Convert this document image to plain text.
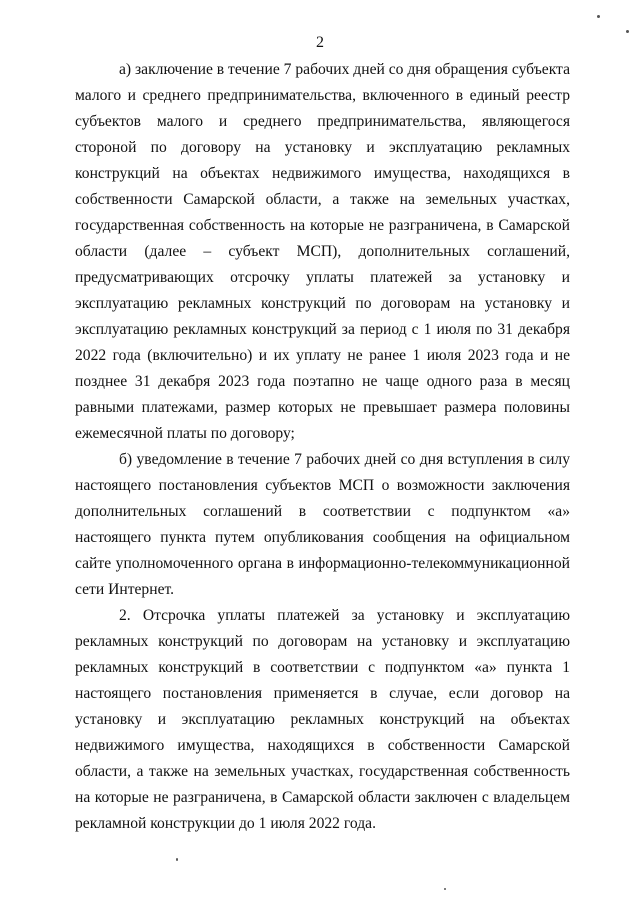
2

а) заключение в течение 7 рабочих дней со дня обращения субъекта малого и среднего предпринимательства, включенного в единый реестр субъектов малого и среднего предпринимательства, являющегося стороной по договору на установку и эксплуатацию рекламных конструкций на объектах недвижимого имущества, находящихся в собственности Самарской области, а также на земельных участках, государственная собственность на которые не разграничена, в Самарской области (далее – субъект МСП), дополнительных соглашений, предусматривающих отсрочку уплаты платежей за установку и эксплуатацию рекламных конструкций по договорам на установку и эксплуатацию рекламных конструкций за период с 1 июля по 31 декабря 2022 года (включительно) и их уплату не ранее 1 июля 2023 года и не позднее 31 декабря 2023 года поэтапно не чаще одного раза в месяц равными платежами, размер которых не превышает размера половины ежемесячной платы по договору;

б) уведомление в течение 7 рабочих дней со дня вступления в силу настоящего постановления субъектов МСП о возможности заключения дополнительных соглашений в соответствии с подпунктом «а» настоящего пункта путем опубликования сообщения на официальном сайте уполномоченного органа в информационно-телекоммуникационной сети Интернет.

2. Отсрочка уплаты платежей за установку и эксплуатацию рекламных конструкций по договорам на установку и эксплуатацию рекламных конструкций в соответствии с подпунктом «а» пункта 1 настоящего постановления применяется в случае, если договор на установку и эксплуатацию рекламных конструкций на объектах недвижимого имущества, находящихся в собственности Самарской области, а также на земельных участках, государственная собственность на которые не разграничена, в Самарской области заключен с владельцем рекламной конструкции до 1 июля 2022 года.
